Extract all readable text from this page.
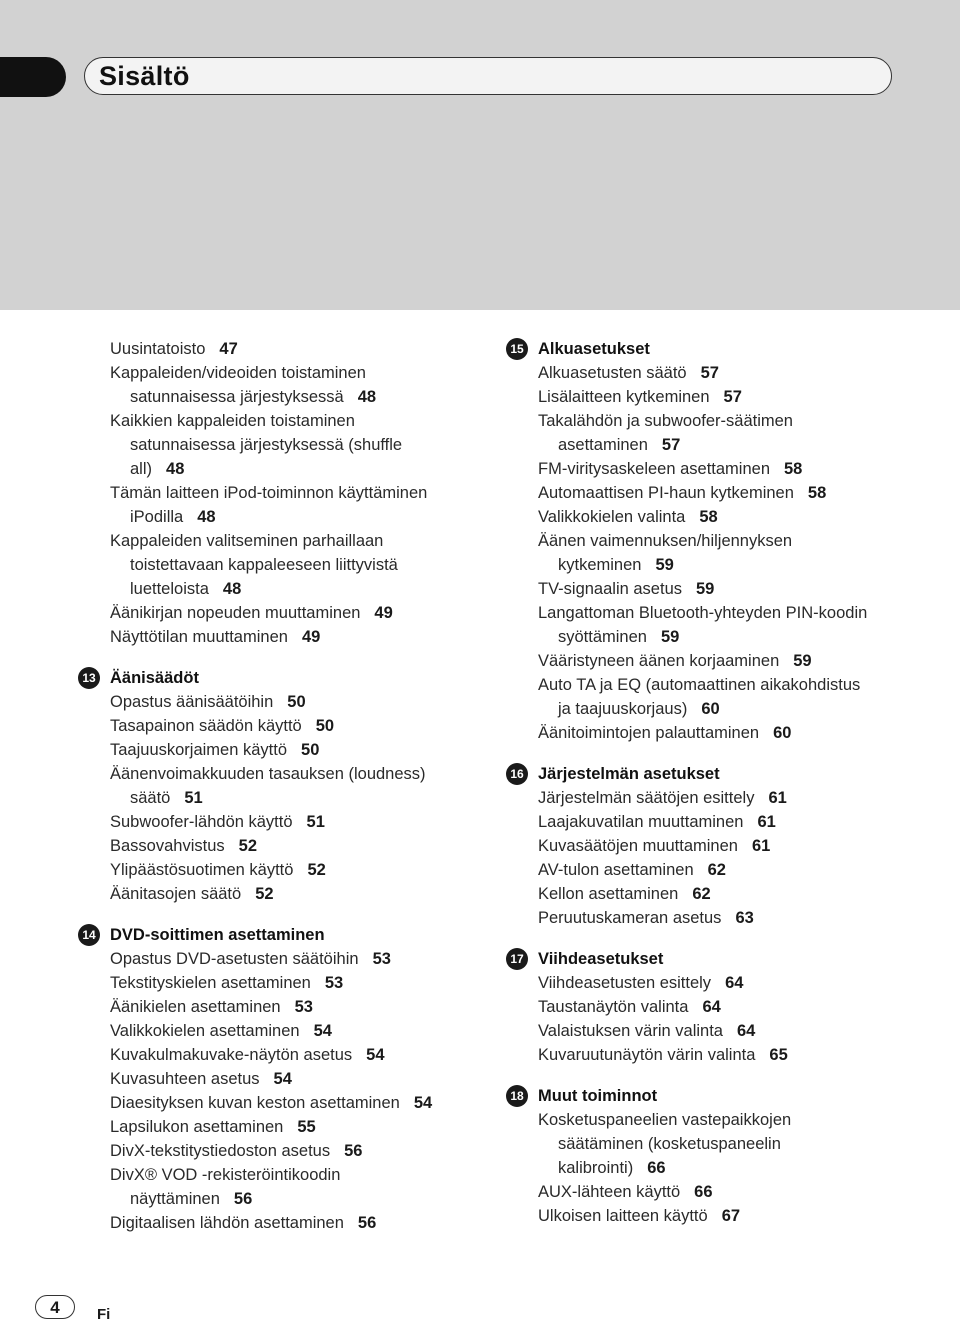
Sisältö
Uusintatoisto 47
Kappaleiden/videoiden toistaminen
satunnaisessa järjestyksessä 48
Kaikkien kappaleiden toistaminen
satunnaisessa järjestyksessä (shuffle
all) 48
Tämän laitteen iPod-toiminnon käyttäminen
iPodilla 48
Kappaleiden valitseminen parhaillaan
toistettavaan kappaleeseen liittyvistä
luetteloista 48
Äänikirjan nopeuden muuttaminen 49
Näyttötilan muuttaminen 49
13 Äänisäädöt
Opastus äänisäätöihin 50
Tasapainon säädön käyttö 50
Taajuuskorjaimen käyttö 50
Äänenvoimakkuuden tasauksen (loudness)
säätö 51
Subwoofer-lähdön käyttö 51
Bassovahvistus 52
Ylipäästösuotimen käyttö 52
Äänitasojen säätö 52
14 DVD-soittimen asettaminen
Opastus DVD-asetusten säätöihin 53
Tekstityskielen asettaminen 53
Äänikielen asettaminen 53
Valikkokielen asettaminen 54
Kuvakulmakuvake-näytön asetus 54
Kuvasuhteen asetus 54
Diaesityksen kuvan keston asettaminen 54
Lapsilukon asettaminen 55
DivX-tekstitystiedoston asetus 56
DivX® VOD -rekisteröintikoodin
näyttäminen 56
Digitaalisen lähdön asettaminen 56
15 Alkuasetukset
Alkuasetusten säätö 57
Lisälaitteen kytkeminen 57
Takalähdön ja subwoofer-säätimen
asettaminen 57
FM-viritysaskeleen asettaminen 58
Automaattisen PI-haun kytkeminen 58
Valikkokielen valinta 58
Äänen vaimennuksen/hiljennyksen
kytkeminen 59
TV-signaalin asetus 59
Langattoman Bluetooth-yhteyden PIN-koodin
syöttäminen 59
Vääristyneen äänen korjaaminen 59
Auto TA ja EQ (automaattinen aikakohdistus
ja taajuuskorjaus) 60
Äänitoimintojen palauttaminen 60
16 Järjestelmän asetukset
Järjestelmän säätöjen esittely 61
Laajakuvatilan muuttaminen 61
Kuvasäätöjen muuttaminen 61
AV-tulon asettaminen 62
Kellon asettaminen 62
Peruutuskameran asetus 63
17 Viihdeasetukset
Viihdeasetusten esittely 64
Taustanäytön valinta 64
Valaistuksen värin valinta 64
Kuvaruutunäytön värin valinta 65
18 Muut toiminnot
Kosketuspaneelien vastepaikkojen
säätäminen (kosketuspaneelin
kalibrointi) 66
AUX-lähteen käyttö 66
Ulkoisen laitteen käyttö 67
4	Fi
